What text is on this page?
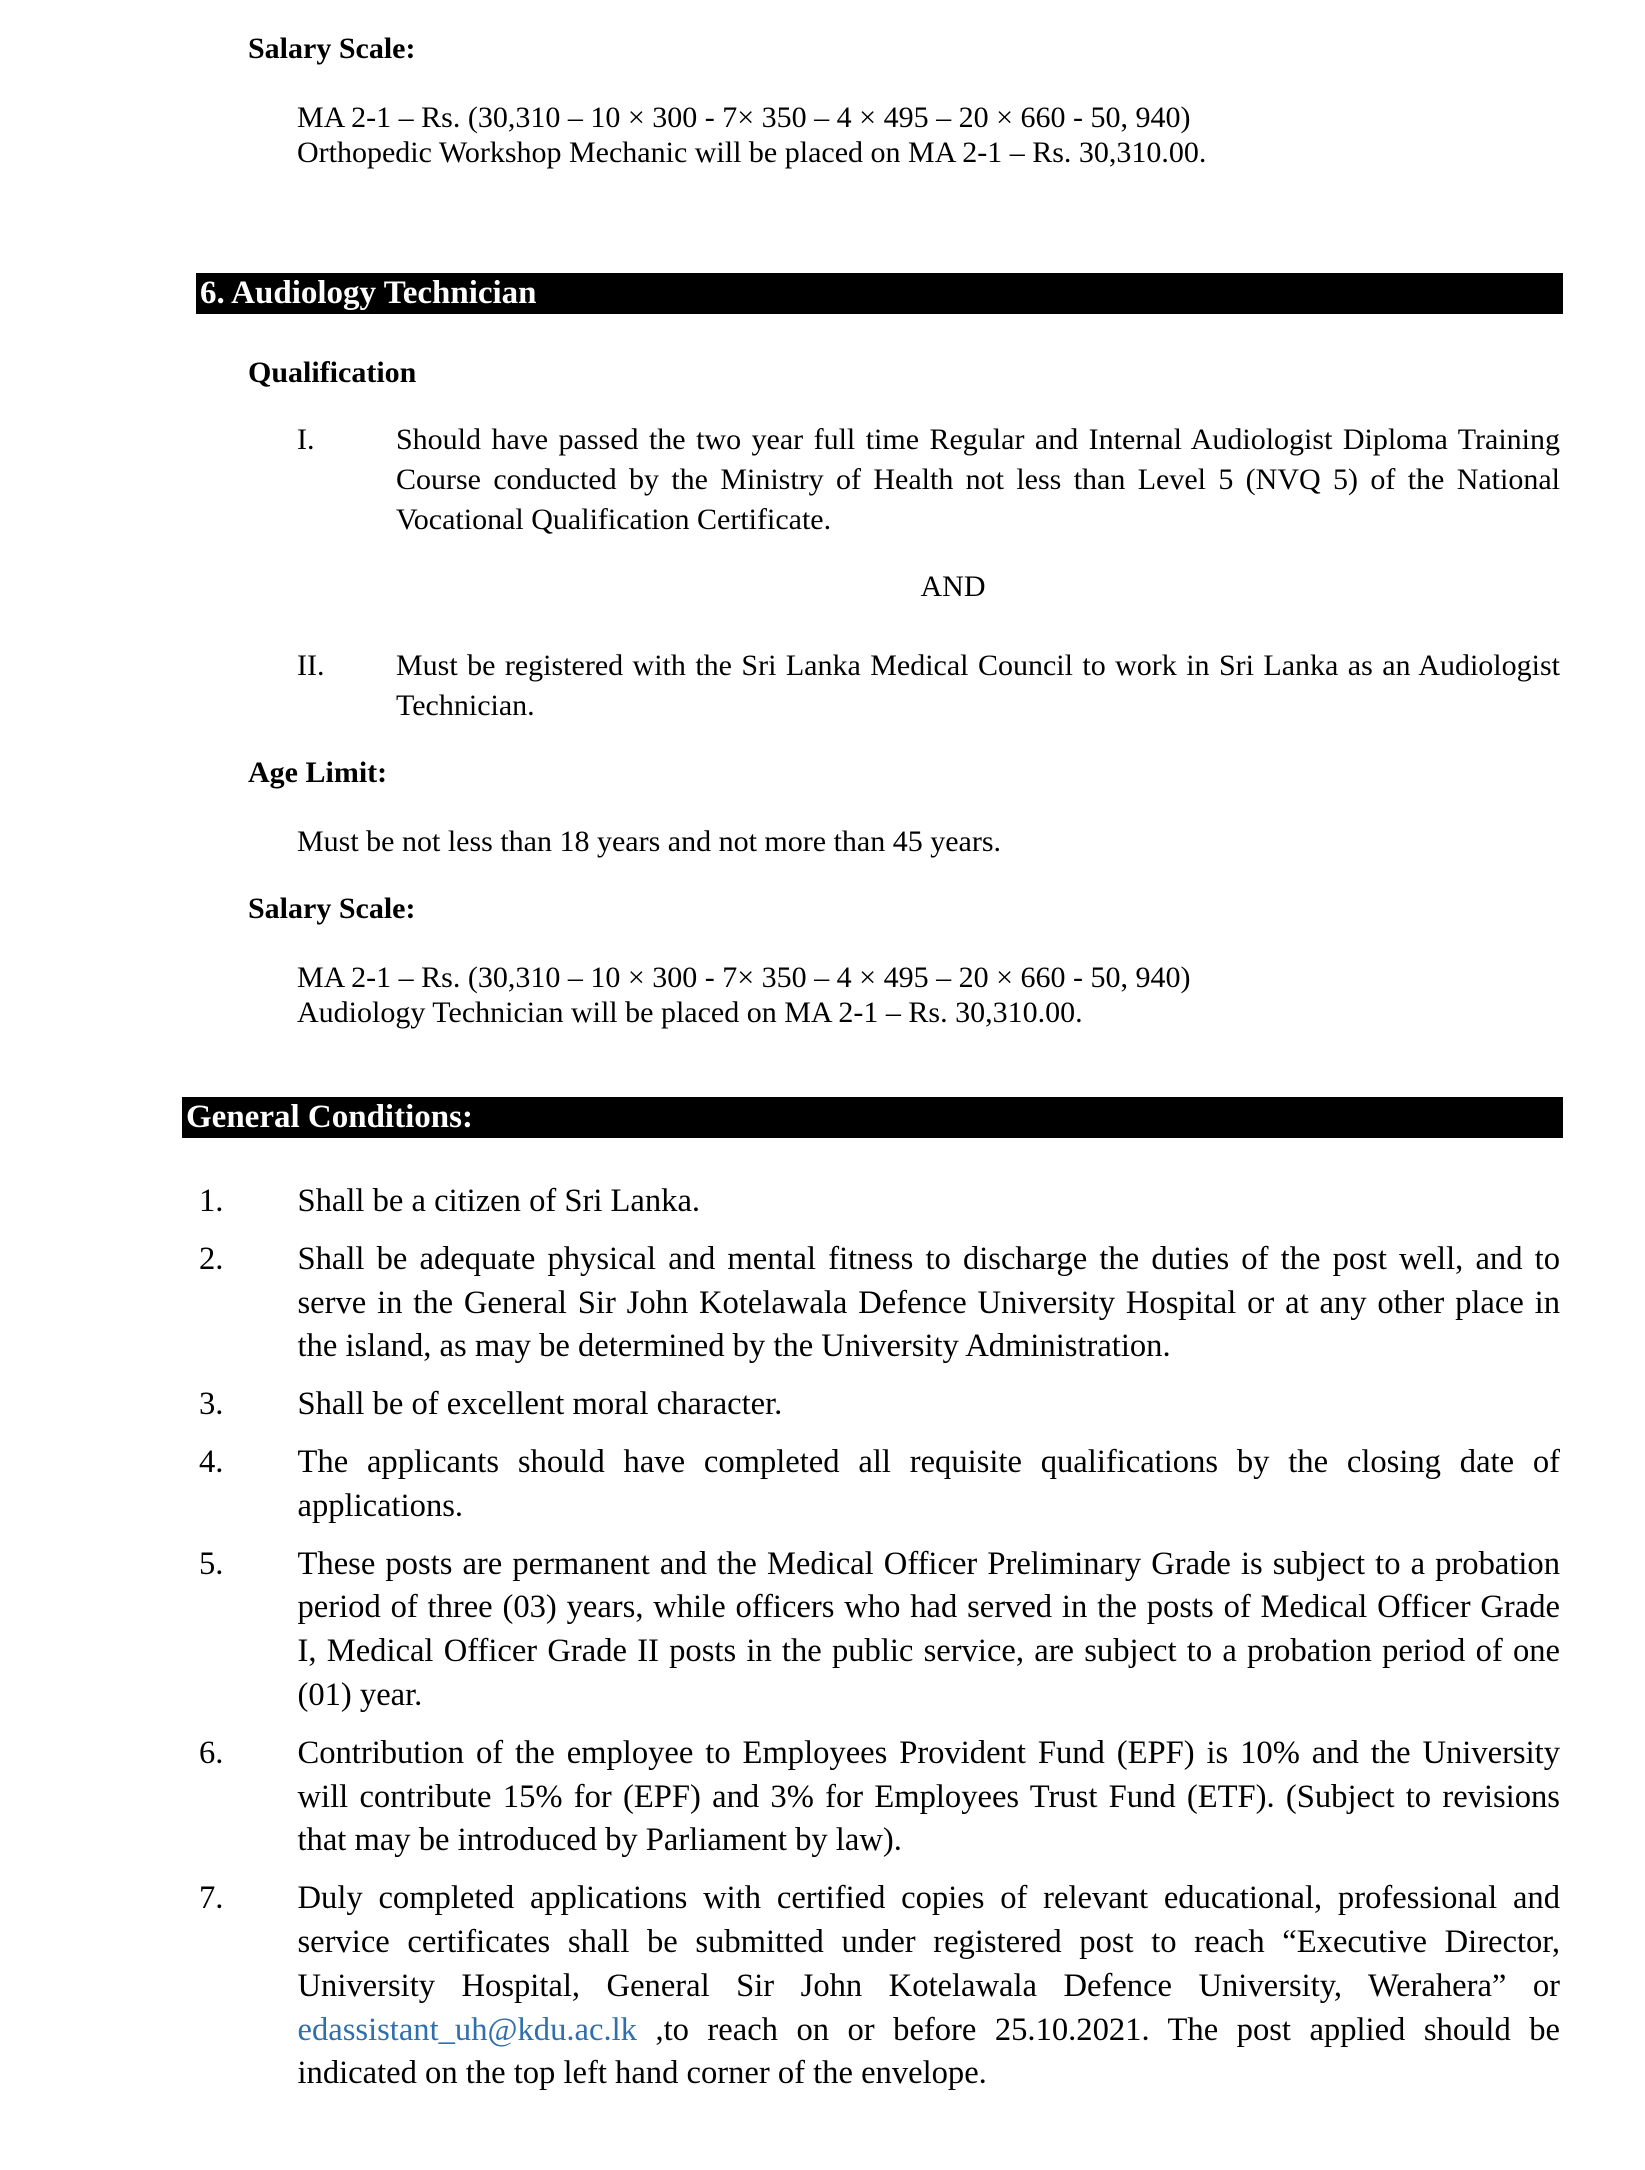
Salary Scale:
MA 2-1 – Rs. (30,310 – 10 × 300 - 7× 350 – 4 × 495 – 20 × 660 - 50, 940)
Orthopedic Workshop Mechanic will be placed on MA 2-1 – Rs. 30,310.00.
6. Audiology Technician
Qualification
I.	Should have passed the two year full time Regular and Internal Audiologist Diploma Training
Course conducted by the Ministry of Health not less than Level 5 (NVQ 5) of the National
Vocational Qualification Certificate.
AND
II.	Must be registered with the Sri Lanka Medical Council to work in Sri Lanka as an Audiologist
Technician.
Age Limit:
Must be not less than 18 years and not more than 45 years.
Salary Scale:
MA 2-1 – Rs. (30,310 – 10 × 300 - 7× 350 – 4 × 495 – 20 × 660 - 50, 940)
Audiology Technician will be placed on MA 2-1 – Rs. 30,310.00.
General Conditions:
1.	Shall be a citizen of Sri Lanka.
2.	Shall be adequate physical and mental fitness to discharge the duties of the post well, and to
serve in the General Sir John Kotelawala Defence University Hospital or at any other place in
the island, as may be determined by the University Administration.
3.	Shall be of excellent moral character.
4.	The applicants should have completed all requisite qualifications by the closing date of
applications.
5.	These posts are permanent and the Medical Officer Preliminary Grade is subject to a probation
period of three (03) years, while officers who had served in the posts of Medical Officer Grade
I, Medical Officer Grade II posts in the public service, are subject to a probation period of one
(01) year.
6.	Contribution of the employee to Employees Provident Fund (EPF) is 10% and the University
will contribute 15% for (EPF) and 3% for Employees Trust Fund (ETF). (Subject to revisions
that may be introduced by Parliament by law).
7.	Duly completed applications with certified copies of relevant educational, professional and
service certificates shall be submitted under registered post to reach “Executive Director,
University Hospital, General Sir John Kotelawala Defence University, Werahera” or
edassistant_uh@kdu.ac.lk ,to reach on or before 25.10.2021. The post applied should be
indicated on the top left hand corner of the envelope.
